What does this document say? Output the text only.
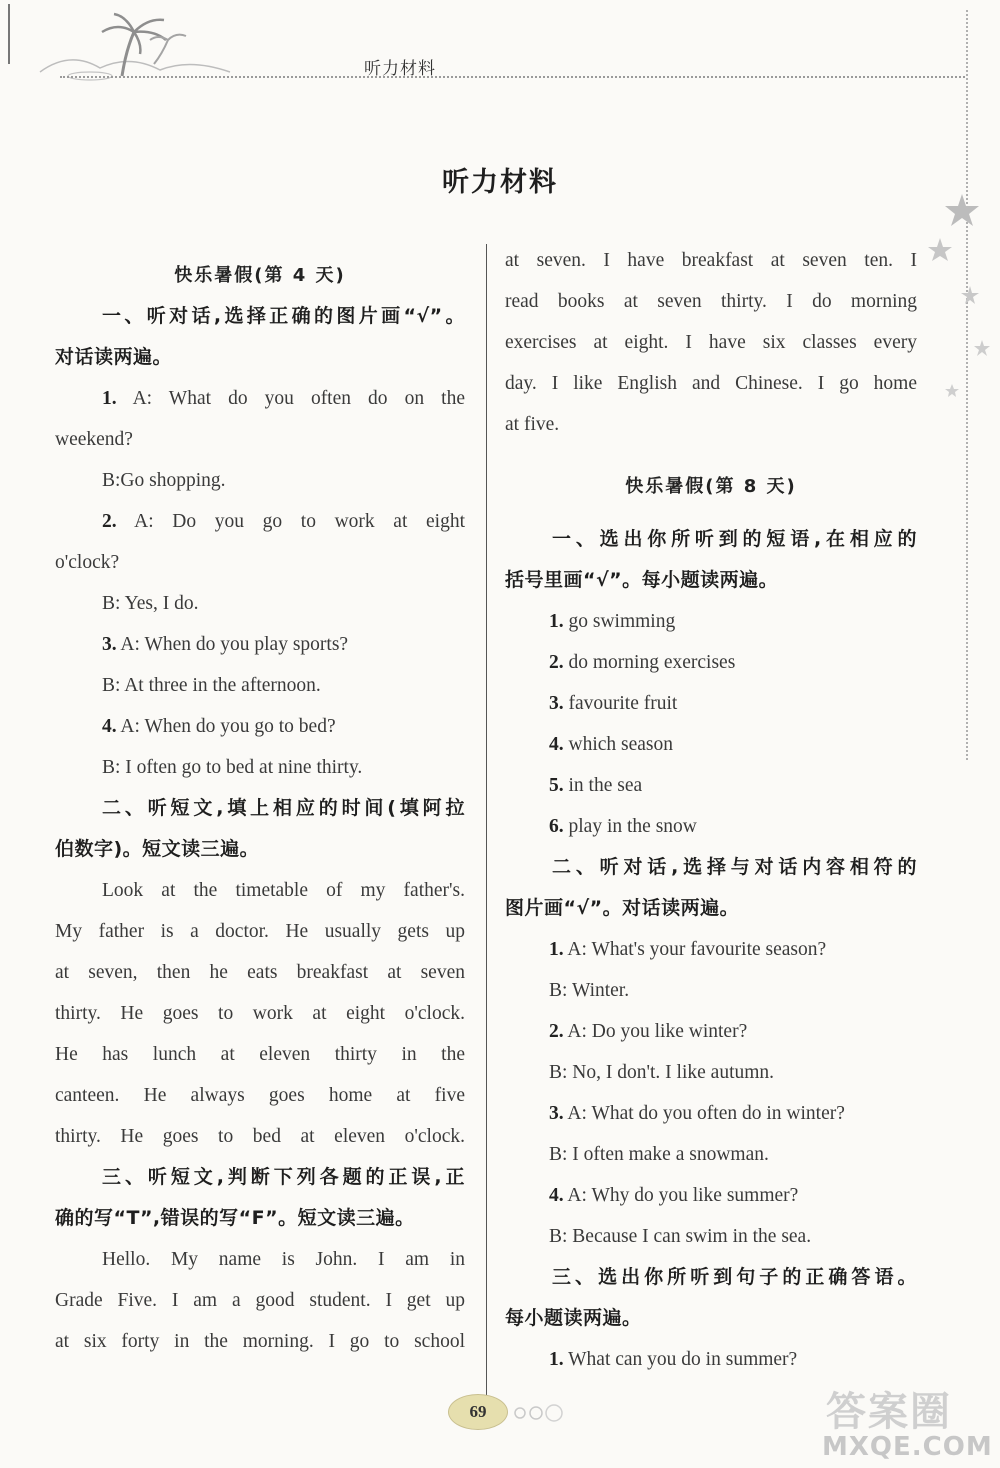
听力材料
听力材料
快乐暑假(第 4 天)
一、听对话,选择正确的图片画“√”。
对话读两遍。
1. A: What do you often do on the
weekend?
B:Go shopping.
2. A: Do you go to work at eight
o'clock?
B: Yes, I do.
3. A: When do you play sports?
B: At three in the afternoon.
4. A: When do you go to bed?
B: I often go to bed at nine thirty.
二、听短文,填上相应的时间(填阿拉
伯数字)。短文读三遍。
Look at the timetable of my father's.
My father is a doctor. He usually gets up
at seven, then he eats breakfast at seven
thirty. He goes to work at eight o'clock.
He has lunch at eleven thirty in the
canteen. He always goes home at five
thirty. He goes to bed at eleven o'clock.
三、听短文,判断下列各题的正误,正
确的写“T”,错误的写“F”。短文读三遍。
Hello. My name is John. I am in
Grade Five. I am a good student. I get up
at six forty in the morning. I go to school
at seven. I have breakfast at seven ten. I
read books at seven thirty. I do morning
exercises at eight. I have six classes every
day. I like English and Chinese. I go home
at five.
快乐暑假(第 8 天)
一、选出你所听到的短语,在相应的
括号里画“√”。每小题读两遍。
1. go swimming
2. do morning exercises
3. favourite fruit
4. which season
5. in the sea
6. play in the snow
二、听对话,选择与对话内容相符的
图片画“√”。对话读两遍。
1. A: What's your favourite season?
B: Winter.
2. A: Do you like winter?
B: No, I don't. I like autumn.
3. A: What do you often do in winter?
B: I often make a snowman.
4. A: Why do you like summer?
B: Because I can swim in the sea.
三、选出你所听到句子的正确答语。
每小题读两遍。
1. What can you do in summer?
69	答案圈
MXQE.COM
